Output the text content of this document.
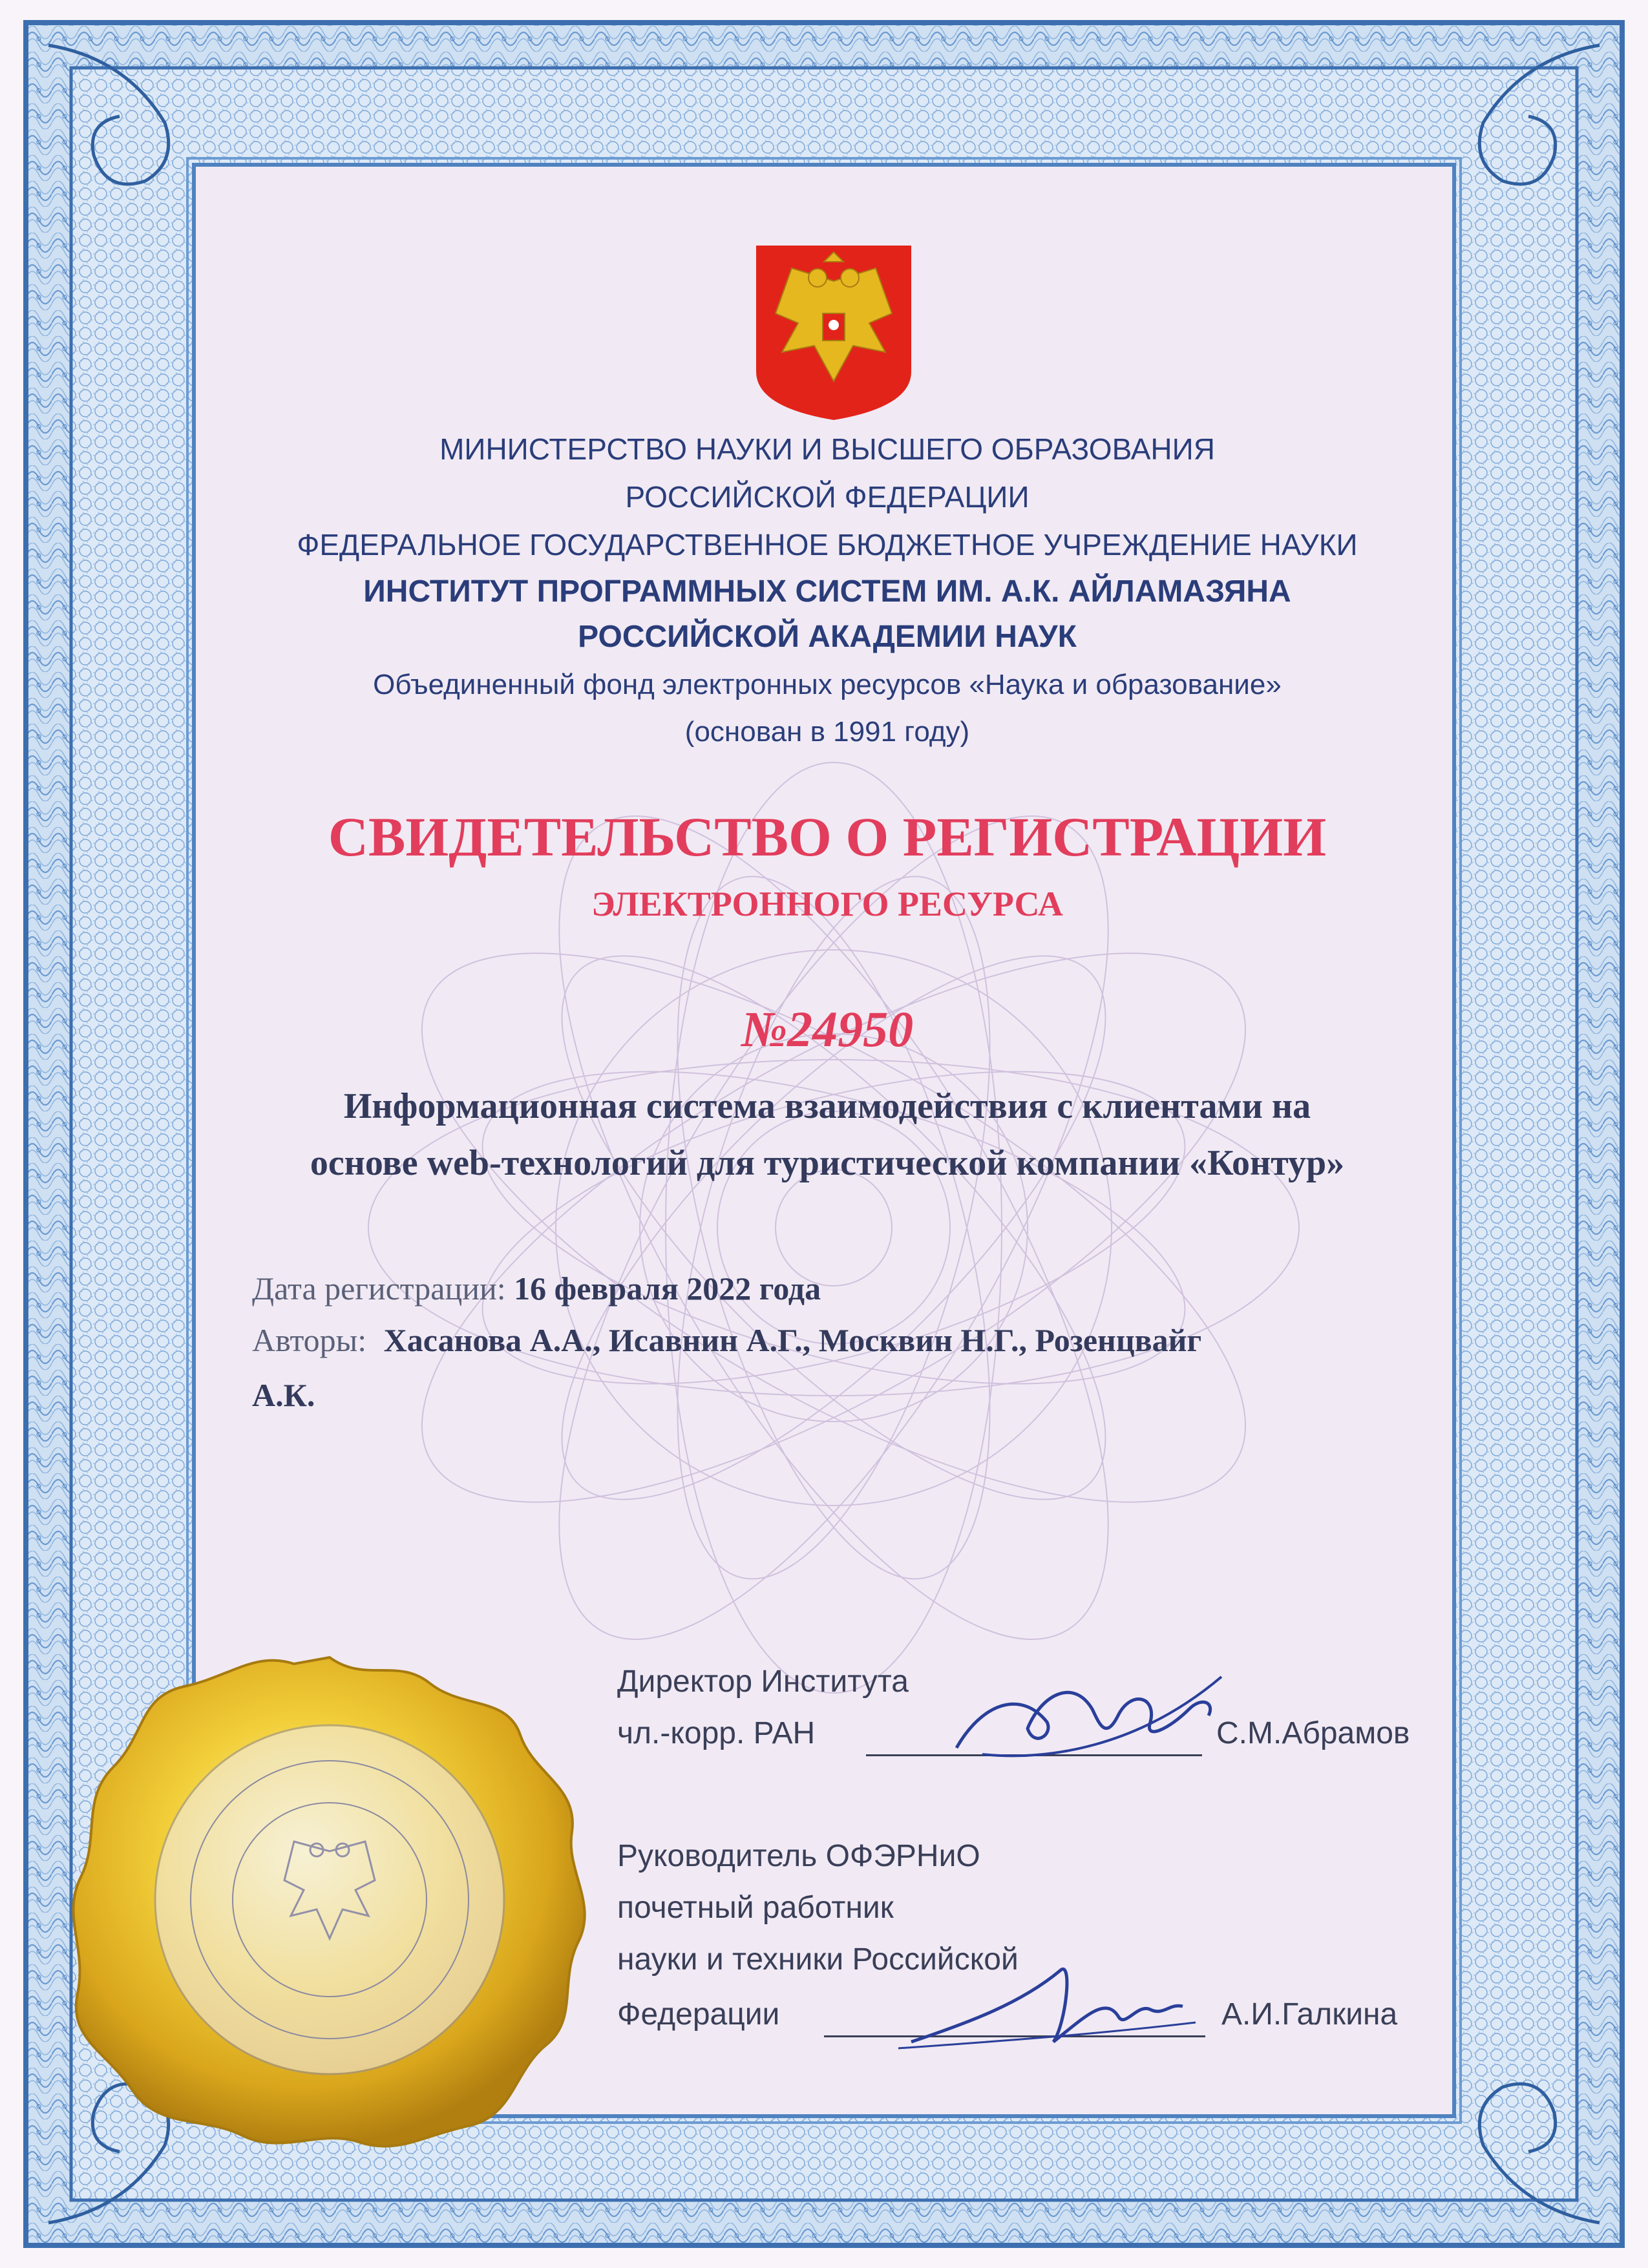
МИНИСТЕРСТВО НАУКИ И ВЫСШЕГО ОБРАЗОВАНИЯ

РОССИЙСКОЙ ФЕДЕРАЦИИ

ФЕДЕРАЛЬНОЕ ГОСУДАРСТВЕННОЕ БЮДЖЕТНОЕ УЧРЕЖДЕНИЕ НАУКИ

ИНСТИТУТ ПРОГРАММНЫХ СИСТЕМ ИМ. А.К. АЙЛАМАЗЯНА

РОССИЙСКОЙ АКАДЕМИИ НАУК

Объединенный фонд электронных ресурсов «Наука и образование»

(основан в 1991 году)

СВИДЕТЕЛЬСТВО О РЕГИСТРАЦИИ

ЭЛЕКТРОННОГО РЕСУРСА

№24950

Информационная система взаимодействия с клиентами на

основе web-технологий для туристической компании «Контур»

Дата регистрации: 16 февраля 2022 года

Авторы: Хасанова А.А., Исавнин А.Г., Москвин Н.Г., Розенцвайг

А.К.

Директор Института

чл.-корр. РАН	С.М.Абрамов

Руководитель ОФЭРНиО

почетный работник

науки и техники Российской

Федерации	А.И.Галкина
